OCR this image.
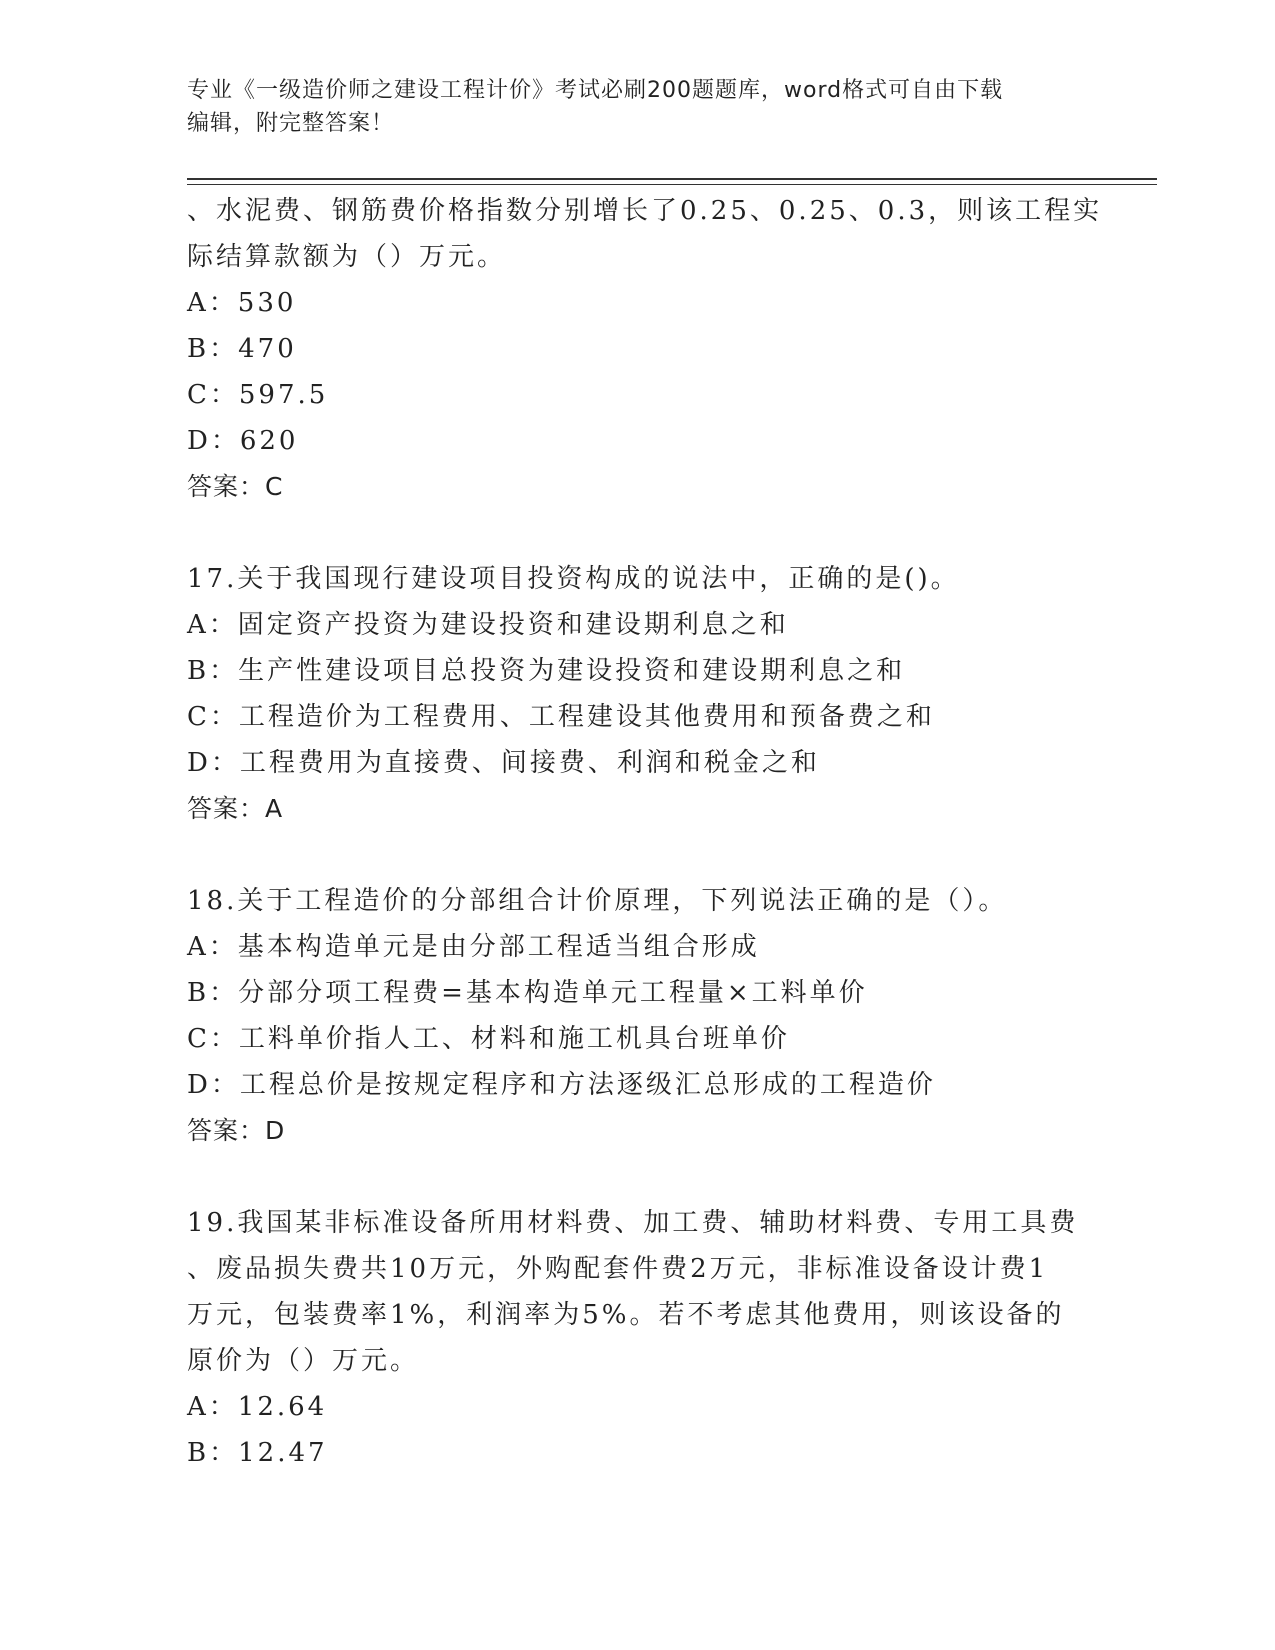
专业《一级造价师之建设工程计价》考试必刷200题题库，word格式可自由下载
编辑，附完整答案！
、水泥费、钢筋费价格指数分别增长了0.25、0.25、0.3，则该工程实
际结算款额为（）万元。
A：530
B：470
C：597.5
D：620
答案：C
17.关于我国现行建设项目投资构成的说法中，正确的是()。
A：固定资产投资为建设投资和建设期利息之和
B：生产性建设项目总投资为建设投资和建设期利息之和
C：工程造价为工程费用、工程建设其他费用和预备费之和
D：工程费用为直接费、间接费、利润和税金之和
答案：A
18.关于工程造价的分部组合计价原理，下列说法正确的是（）。
A：基本构造单元是由分部工程适当组合形成
B：分部分项工程费=基本构造单元工程量×工料单价
C：工料单价指人工、材料和施工机具台班单价
D：工程总价是按规定程序和方法逐级汇总形成的工程造价
答案：D
19.我国某非标准设备所用材料费、加工费、辅助材料费、专用工具费
、废品损失费共10万元，外购配套件费2万元，非标准设备设计费1
万元，包装费率1%，利润率为5%。若不考虑其他费用，则该设备的
原价为（）万元。
A：12.64
B：12.47
